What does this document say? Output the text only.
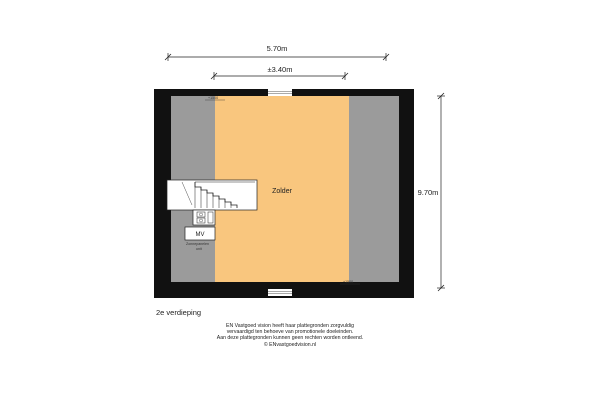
5.70m
±3.40m
9.70m
MV
Zonnepanelen
unit
+1500
+1500
Zolder
2e verdieping
EN Vastgoed vision heeft haar plattegronden zorgvuldig
vervaardigd ten behoeve van promotionele doeleinden.
Aan deze plattegronden kunnen geen rechten worden ontleend.
© ENvastgoedvision.nl
